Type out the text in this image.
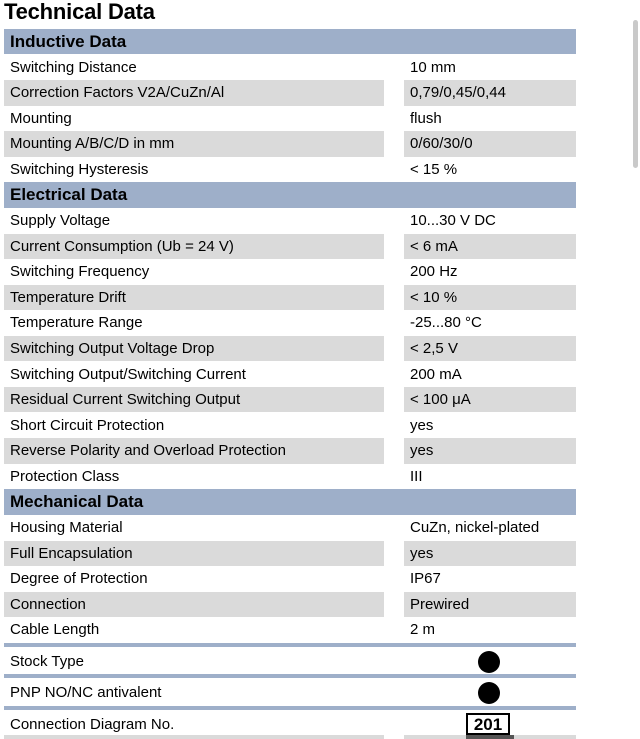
Technical Data
Inductive Data
Switching Distance	10 mm
Correction Factors V2A/CuZn/Al	0,79/0,45/0,44
Mounting	flush
Mounting A/B/C/D in mm	0/60/30/0
Switching Hysteresis	< 15 %
Electrical Data
Supply Voltage	10...30 V DC
Current Consumption (Ub = 24 V)	< 6 mA
Switching Frequency	200 Hz
Temperature Drift	< 10 %
Temperature Range	-25...80 °C
Switching Output Voltage Drop	< 2,5 V
Switching Output/Switching Current	200 mA
Residual Current Switching Output	< 100 μA
Short Circuit Protection	yes
Reverse Polarity and Overload Protection	yes
Protection Class	III
Mechanical Data
Housing Material	CuZn, nickel-plated
Full Encapsulation	yes
Degree of Protection	IP67
Connection	Prewired
Cable Length	2 m
Stock Type
PNP NO/NC antivalent
Connection Diagram No.	201
